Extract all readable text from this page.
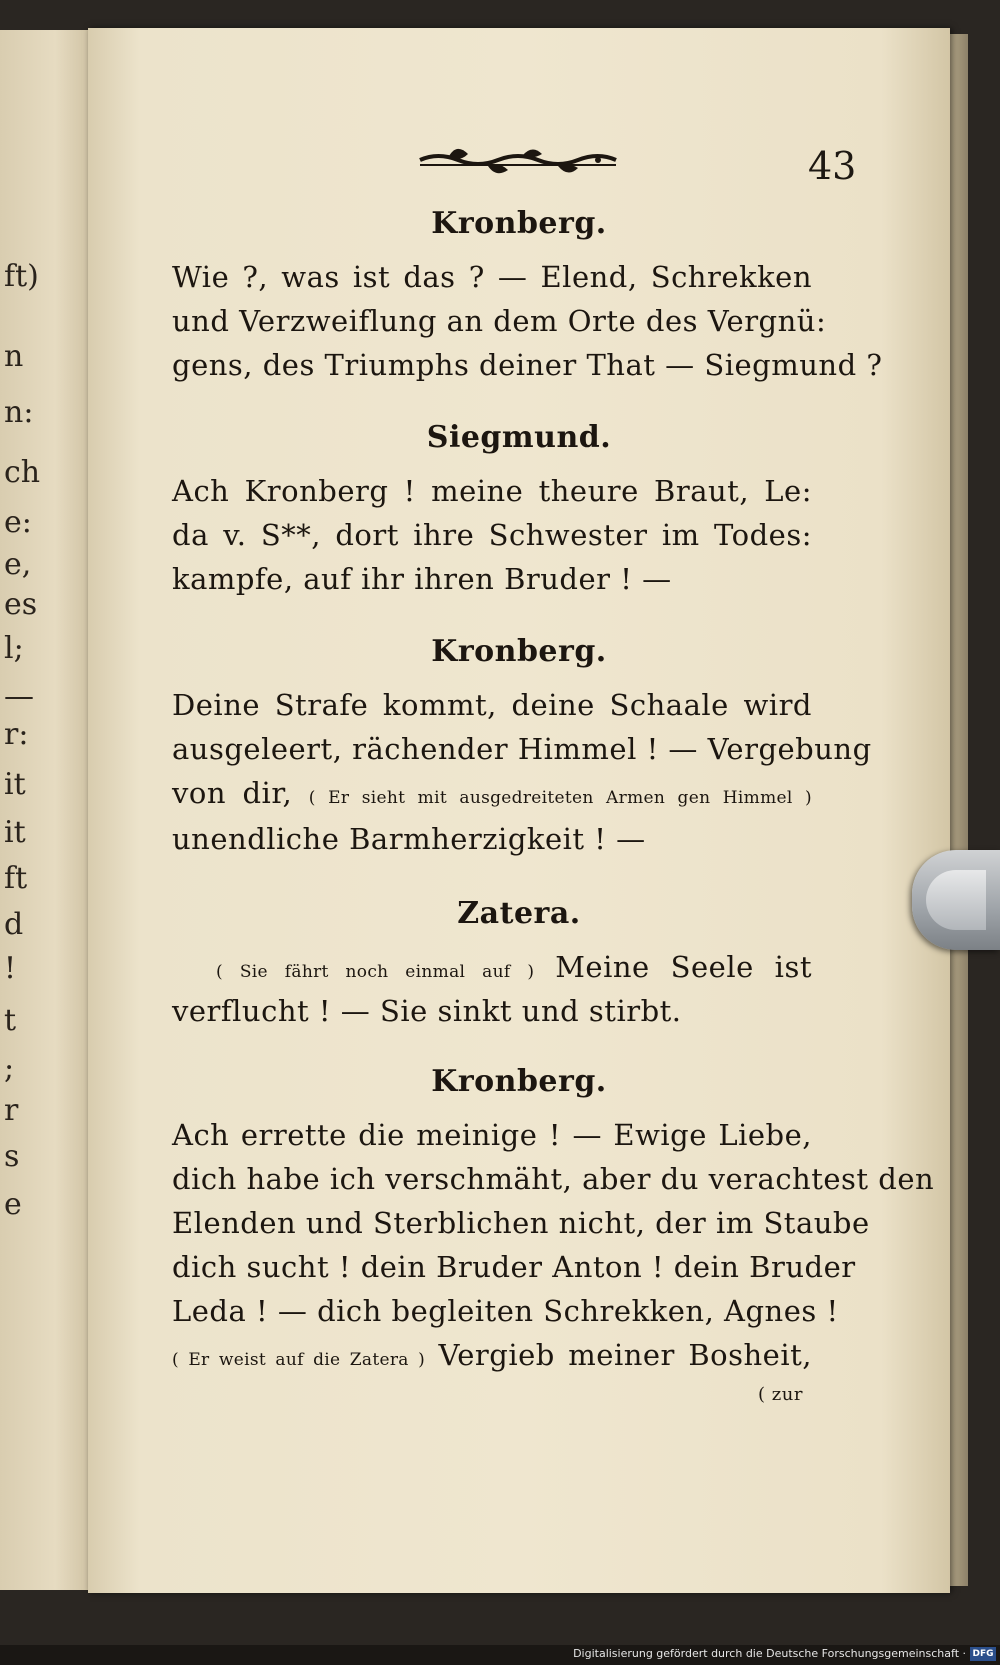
ft)
n
n:
ch
e:
e,
es
l;
—
r:
it
it
ft
d
!
t
;
r
s
e
43
Kronberg.
Wie ?, was ist das ? — Elend, Schrekken
und Verzweiflung an dem Orte des Vergnü:
gens, des Triumphs deiner That — Siegmund ?
Siegmund.
Ach Kronberg ! meine theure Braut, Le:
da v. S**, dort ihre Schwester im Todes:
kampfe, auf ihr ihren Bruder ! —
Kronberg.
Deine Strafe kommt, deine Schaale wird
ausgeleert, rächender Himmel ! — Vergebung
von dir, ( Er sieht mit ausgedreiteten Armen gen Himmel )
unendliche Barmherzigkeit ! —
Zatera.
( Sie fährt noch einmal auf ) Meine Seele ist
verflucht ! — Sie sinkt und stirbt.
Kronberg.
Ach errette die meinige ! — Ewige Liebe,
dich habe ich verschmäht, aber du verachtest den
Elenden und Sterblichen nicht, der im Staube
dich sucht ! dein Bruder Anton ! dein Bruder
Leda ! — dich begleiten Schrekken, Agnes !
( Er weist auf die Zatera ) Vergieb meiner Bosheit,
( zur
Digitalisierung gefördert durch die Deutsche Forschungsgemeinschaft · DFG
